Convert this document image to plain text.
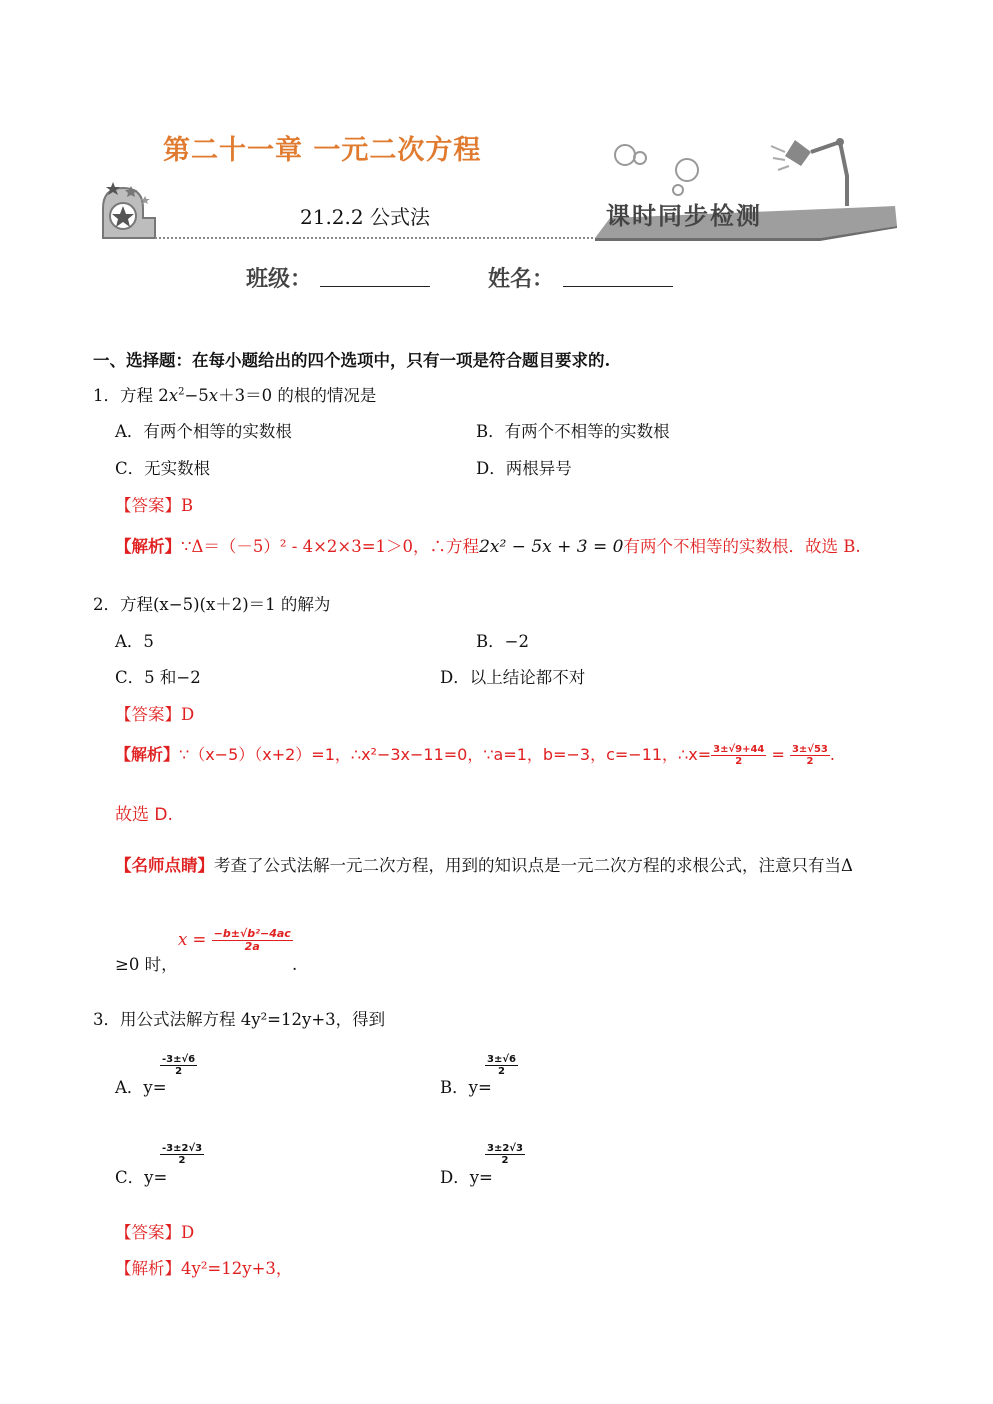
第二十一章 一元二次方程
21.2.2 公式法	课时同步检测
班级：	姓名：
一、选择题：在每小题给出的四个选项中，只有一项是符合题目要求的.
1．方程 $2x^2-5x+3=0$ 的根的情况是
A．有两个相等的实数根	B．有两个不相等的实数根
C．无实数根	D．两根异号
【答案】B
【解析】∵Δ＝（－5）² - 4×2×3=1＞0，∴方程2x² − 5x + 3 = 0有两个不相等的实数根．故选 B.
2．方程(x−5)(x＋2)＝1 的解为
A．5	B．−2
C．5 和−2	D．以上结论都不对
【答案】D
【解析】∵（x−5）（x+2）=1，∴x²−3x−11=0，∵a=1，b=−3，c=−11，∴x= $\frac{3\pm√9+44}{2} = \frac{3\pm√53}{2}$ .
故选 D.
【名师点睛】考查了公式法解一元二次方程，用到的知识点是一元二次方程的求根公式，注意只有当Δ
$x = \frac{\text{−b±√b²−4ac}}{2a}$
≥0 时，	.
3．用公式法解方程 4y²=12y+3，得到
A．y=
$\frac{-3\pm√6}{2}$
B．y=
$\frac{3\pm√6}{2}$
C．y=
$\frac{-3\pm 2√3}{2}$
D．y=
$\frac{3\pm 2√3}{2}$
【答案】D
【解析】4y²=12y+3，
